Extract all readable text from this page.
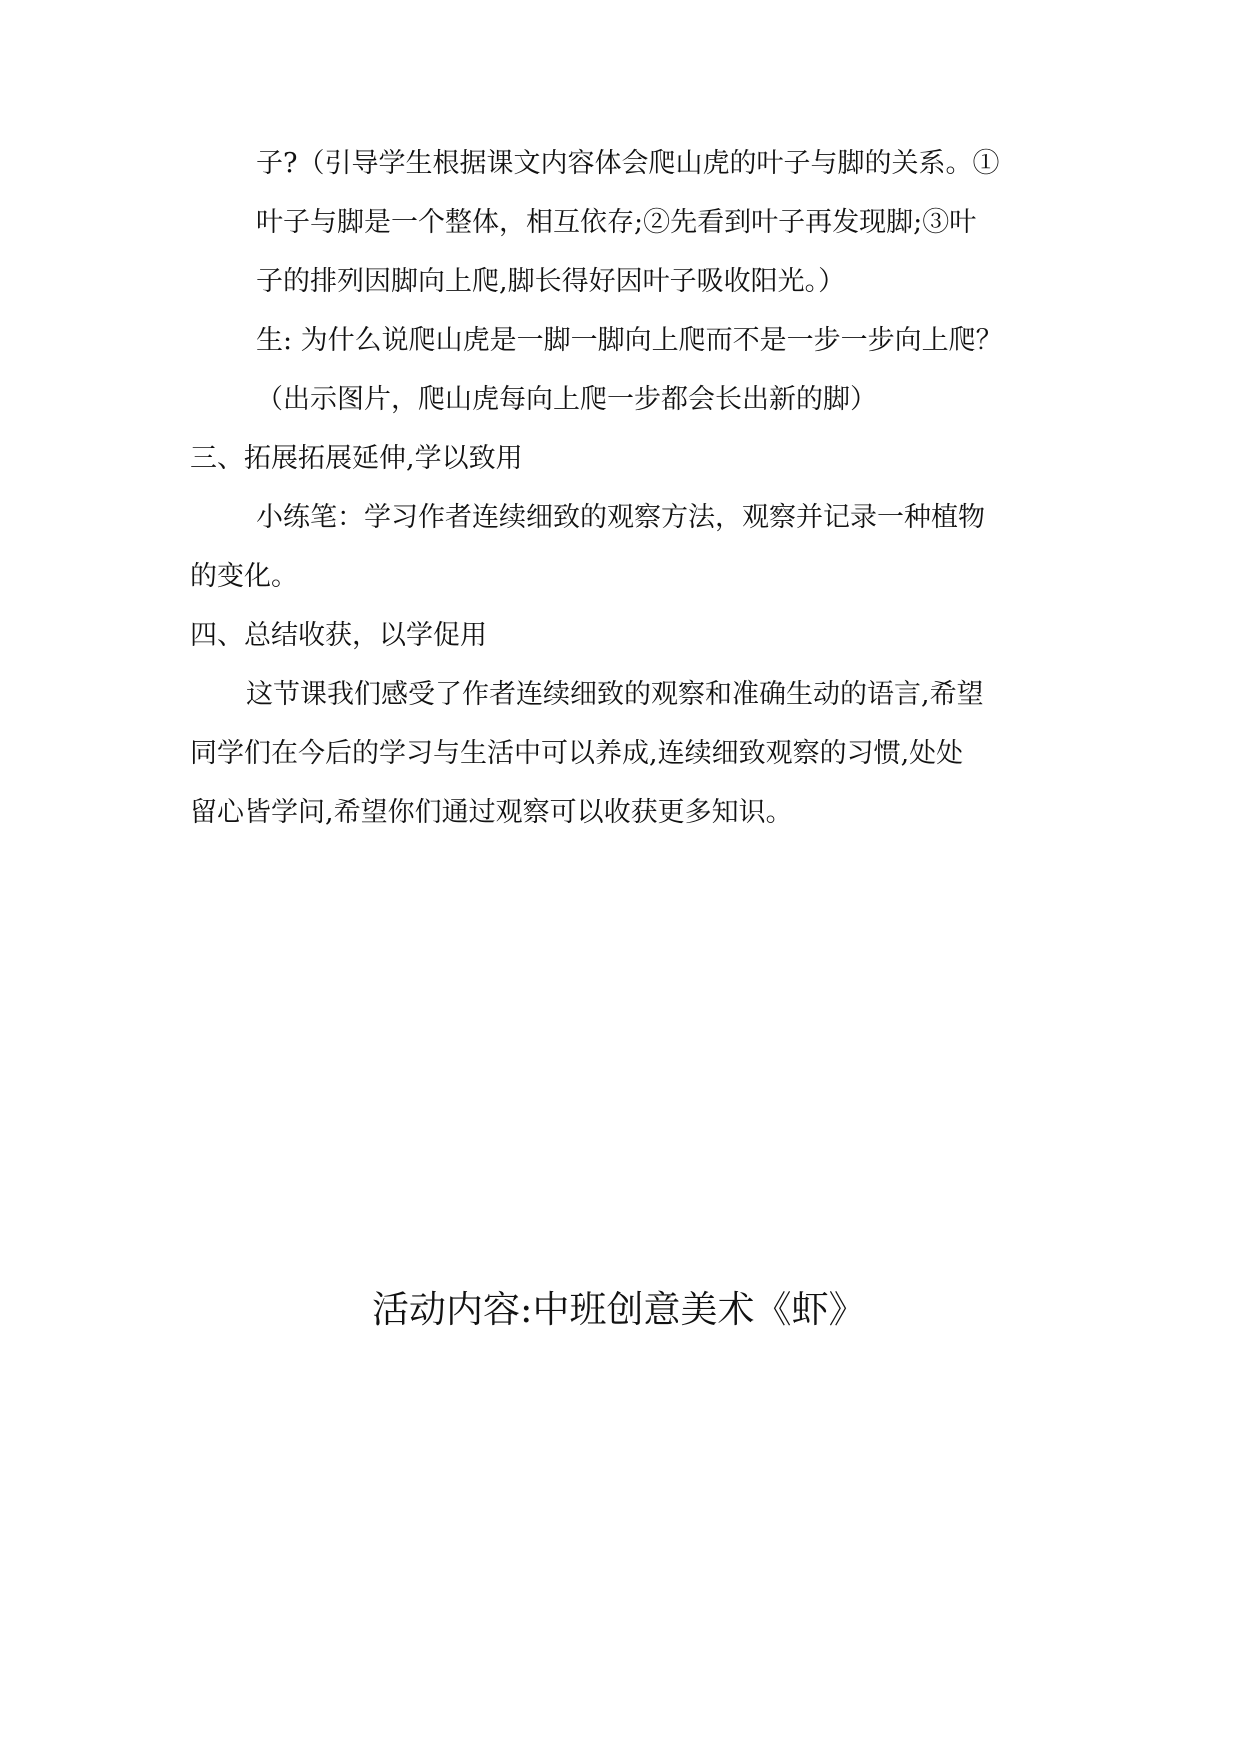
子?（引导学生根据课文内容体会爬山虎的叶子与脚的关系。①
叶子与脚是一个整体，相互依存;②先看到叶子再发现脚;③叶
子的排列因脚向上爬,脚长得好因叶子吸收阳光。）
生: 为什么说爬山虎是一脚一脚向上爬而不是一步一步向上爬？
（出示图片，爬山虎每向上爬一步都会长出新的脚）
三、拓展拓展延伸,学以致用
小练笔：学习作者连续细致的观察方法，观察并记录一种植物
的变化。
四、总结收获，以学促用
这节课我们感受了作者连续细致的观察和准确生动的语言,希望
同学们在今后的学习与生活中可以养成,连续细致观察的习惯,处处
留心皆学问,希望你们通过观察可以收获更多知识。
活动内容:中班创意美术《虾》
